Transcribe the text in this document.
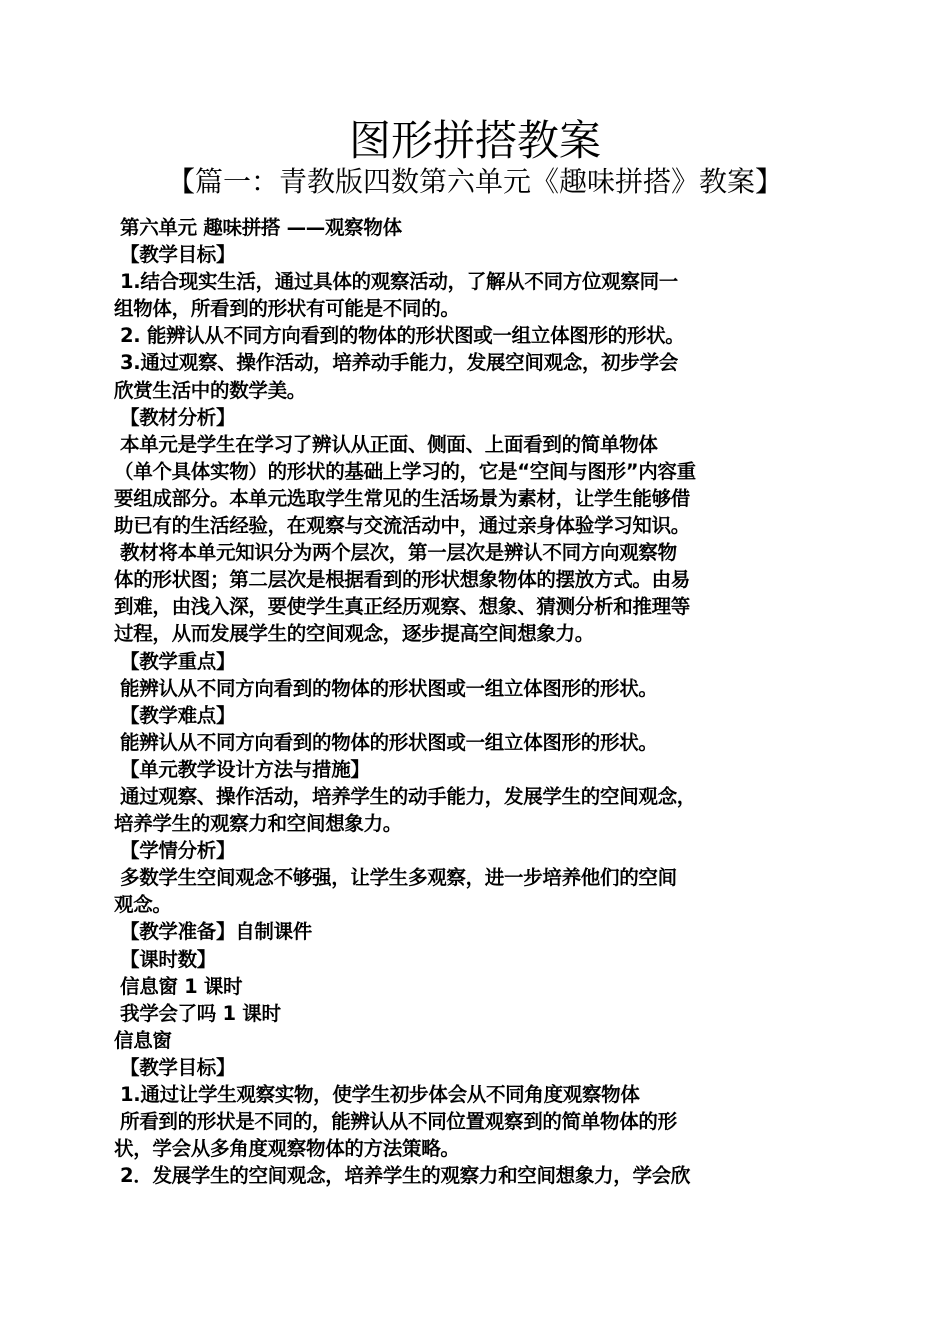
图形拼搭教案
【篇一：青教版四数第六单元《趣味拼搭》教案】
第六单元 趣味拼搭 ——观察物体
【教学目标】
1.结合现实生活，通过具体的观察活动，了解从不同方位观察同一
组物体，所看到的形状有可能是不同的。
2. 能辨认从不同方向看到的物体的形状图或一组立体图形的形状。
3.通过观察、操作活动，培养动手能力，发展空间观念，初步学会
欣赏生活中的数学美。
【教材分析】
本单元是学生在学习了辨认从正面、侧面、上面看到的简单物体
（单个具体实物）的形状的基础上学习的，它是“空间与图形”内容重
要组成部分。本单元选取学生常见的生活场景为素材，让学生能够借
助已有的生活经验，在观察与交流活动中，通过亲身体验学习知识。
教材将本单元知识分为两个层次，第一层次是辨认不同方向观察物
体的形状图；第二层次是根据看到的形状想象物体的摆放方式。由易
到难，由浅入深，要使学生真正经历观察、想象、猜测分析和推理等
过程，从而发展学生的空间观念，逐步提高空间想象力。
【教学重点】
能辨认从不同方向看到的物体的形状图或一组立体图形的形状。
【教学难点】
能辨认从不同方向看到的物体的形状图或一组立体图形的形状。
【单元教学设计方法与措施】
通过观察、操作活动，培养学生的动手能力，发展学生的空间观念，
培养学生的观察力和空间想象力。
【学情分析】
多数学生空间观念不够强，让学生多观察，进一步培养他们的空间
观念。
【教学准备】自制课件
【课时数】
信息窗 1 课时
我学会了吗 1 课时
信息窗
【教学目标】
1.通过让学生观察实物，使学生初步体会从不同角度观察物体
所看到的形状是不同的，能辨认从不同位置观察到的简单物体的形
状，学会从多角度观察物体的方法策略。
2．发展学生的空间观念，培养学生的观察力和空间想象力，学会欣
